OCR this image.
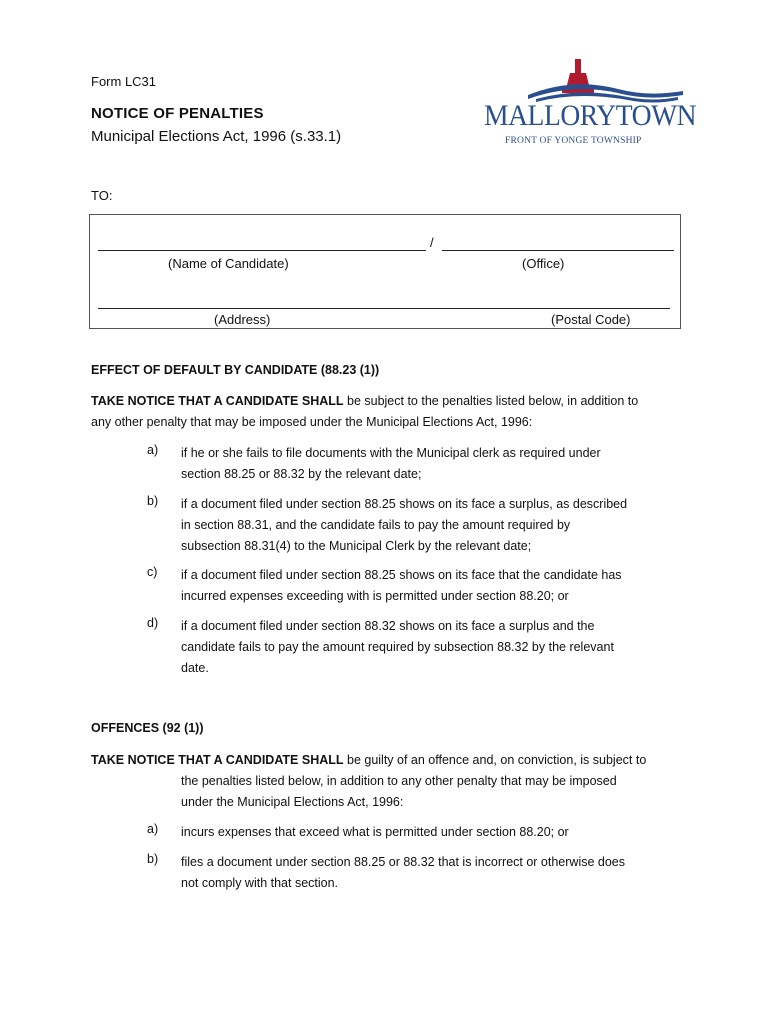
Form LC31
NOTICE OF PENALTIES
Municipal Elections Act, 1996 (s.33.1)
MALLORYTOWN
FRONT OF YONGE TOWNSHIP
TO:
/
(Name of Candidate)	(Office)
(Address)	(Postal Code)
EFFECT OF DEFAULT BY CANDIDATE (88.23 (1))
TAKE NOTICE THAT A CANDIDATE SHALL be subject to the penalties listed below, in addition to
any other penalty that may be imposed under the Municipal Elections Act, 1996:
a) if he or she fails to file documents with the Municipal clerk as required under
section 88.25 or 88.32 by the relevant date;
b) if a document filed under section 88.25 shows on its face a surplus, as described
in section 88.31, and the candidate fails to pay the amount required by
subsection 88.31(4) to the Municipal Clerk by the relevant date;
c) if a document filed under section 88.25 shows on its face that the candidate has
incurred expenses exceeding with is permitted under section 88.20; or
d) if a document filed under section 88.32 shows on its face a surplus and the
candidate fails to pay the amount required by subsection 88.32 by the relevant
date.
OFFENCES (92 (1))
TAKE NOTICE THAT A CANDIDATE SHALL be guilty of an offence and, on conviction, is subject to
the penalties listed below, in addition to any other penalty that may be imposed
under the Municipal Elections Act, 1996:
a) incurs expenses that exceed what is permitted under section 88.20; or
b) files a document under section 88.25 or 88.32 that is incorrect or otherwise does
not comply with that section.
